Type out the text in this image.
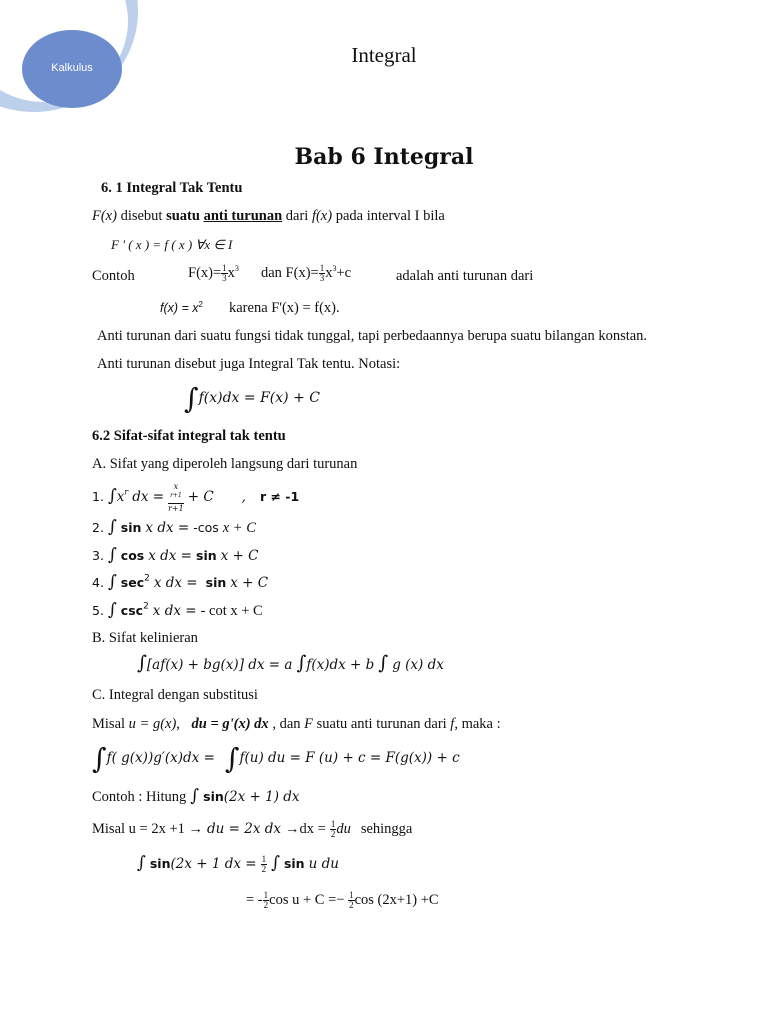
Kalkulus
Integral
Bab 6 Integral
6. 1 Integral Tak Tentu
F(x) disebut suatu anti turunan dari f(x) pada interval I bila
F ' ( x ) = f ( x ) ∀x ∈ I
Contoh	$F(x)= \frac{1}{3} x^3$ dan $F(x)= \frac{1}{3} x^3+c$	adalah anti turunan dari
$f(x) = x^2$ karena F'(x) = f(x).
Anti turunan dari suatu fungsi tidak tunggal, tapi perbedaannya berupa suatu bilangan konstan.
Anti turunan disebut juga Integral Tak tentu. Notasi:
∫f(x)dx = F(x) + C
6.2 Sifat-sifat integral tak tentu
A. Sifat yang diperoleh langsung dari turunan
1. $\int x^r$ dx = x
$^{r+1}$
r+1 + C , r ≠ -1
2. ∫ sin x dx = -cos x + C
3. ∫ cos x dx = sin x + C
4. ∫ $\sec^2 x$ dx = sin x + C
5. ∫ $\csc^2 x$ dx = - cot x + C
B. Sifat kelinieran
∫[af(x) + bg(x)] dx = a ∫f(x)dx + b ∫ g (x) dx
C. Integral dengan substitusi
Misal u = g(x), du = g'(x) dx , dan F suatu anti turunan dari f, maka :
∫$^{f( g(x))g'(x)dx =}$ ∫$^{f(u) du = F (u) + c = F(g(x)) + c}$
Contoh : Hitung ∫ sin(2x + 1) dx
Misal u = 2x +1 → du = 2x dx $\to dx = \frac{1}{2}$ du sehingga
∫ sin(2x + 1 dx = $\frac{1}{2}$ ∫ sin u du
= - $\frac{1}{2}$ $\cos u + C =- \frac{1}{2}$ cos (2x+1) +C
